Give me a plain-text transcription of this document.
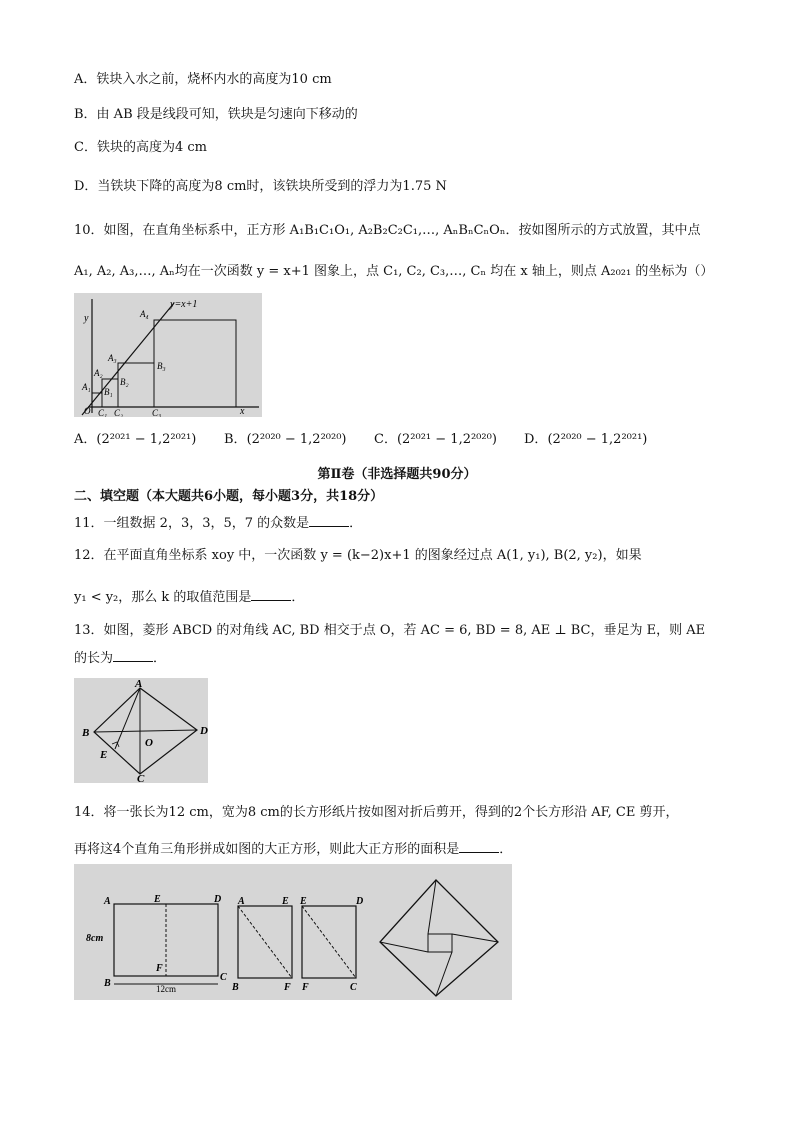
A．铁块入水之前，烧杯内水的高度为10 cm
B．由 AB 段是线段可知，铁块是匀速向下移动的
C．铁块的高度为4 cm
D．当铁块下降的高度为8 cm时，该铁块所受到的浮力为1.75 N
10．如图，在直角坐标系中，正方形 A₁B₁C₁O₁, A₂B₂C₂C₁,…, AₙBₙCₙOₙ．按如图所示的方式放置，其中点
A₁, A₂, A₃,…, Aₙ均在一次函数 y = x+1 图象上，点 C₁, C₂, C₃,…, Cₙ 均在 x 轴上，则点 A₂₀₂₁ 的坐标为（）
y=x+1
y
x
O
A₁
A₂
A₃
A₄
B₁
B₂
B₃
C₁ C₂	C₃
A．(2²⁰²¹ − 1,2²⁰²¹) B．(2²⁰²⁰ − 1,2²⁰²⁰) C．(2²⁰²¹ − 1,2²⁰²⁰) D．(2²⁰²⁰ − 1,2²⁰²¹)
第Ⅱ卷（非选择题共90分）
二、填空题（本大题共6小题，每小题3分，共18分）
11．一组数据 2，3，3，5，7 的众数是	．
12．在平面直角坐标系 xoy 中，一次函数 y = (k−2)x+1 的图象经过点 A(1, y₁), B(2, y₂)，如果
y₁ < y₂，那么 k 的取值范围是	．
13．如图，菱形 ABCD 的对角线 AC, BD 相交于点 O，若 AC = 6, BD = 8, AE ⊥ BC，垂足为 E，则 AE
的长为	．
A
B	D
C
E
O
14．将一张长为12 cm，宽为8 cm的长方形纸片按如图对折后剪开，得到的2个长方形沿 AF, CE 剪开，
再将这4个直角三角形拼成如图的大正方形，则此大正方形的面积是	．
A	E	D
B
F
C
8cm
12cm
A	E
B	F
E	D
F	C
